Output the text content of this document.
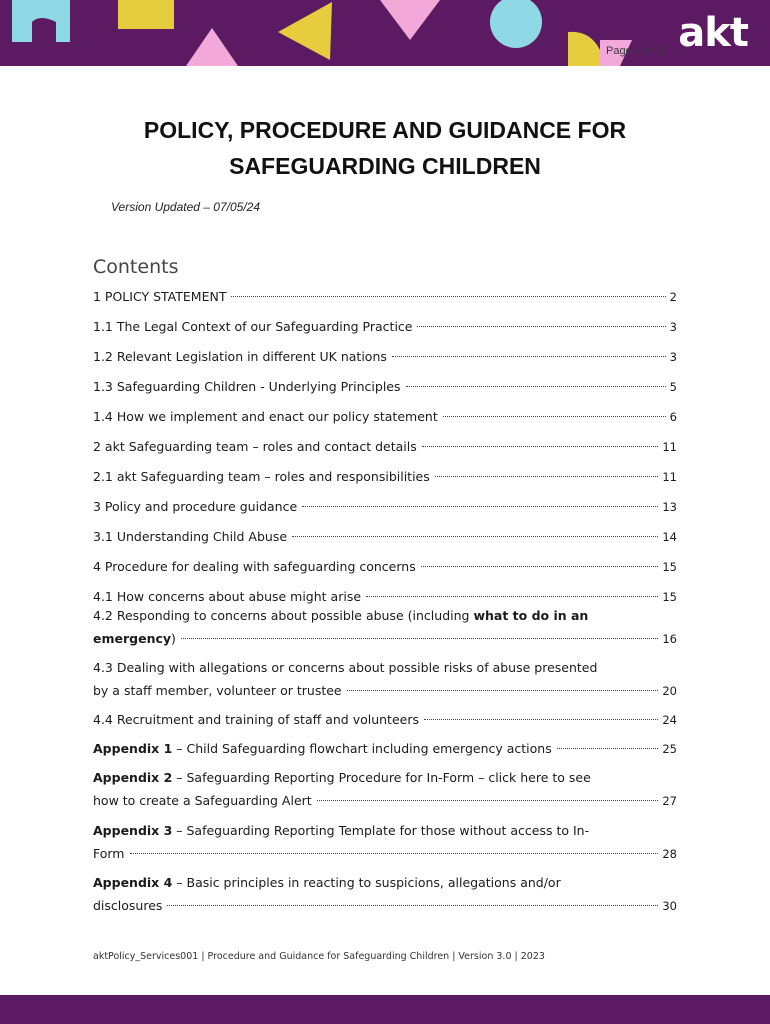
Page 1 of 37 akt
POLICY, PROCEDURE AND GUIDANCE FOR
SAFEGUARDING CHILDREN
Version Updated – 07/05/24
Contents
1 POLICY STATEMENT	2
1.1 The Legal Context of our Safeguarding Practice	3
1.2 Relevant Legislation in different UK nations	3
1.3 Safeguarding Children - Underlying Principles	5
1.4 How we implement and enact our policy statement	6
2 akt Safeguarding team – roles and contact details	11
2.1 akt Safeguarding team – roles and responsibilities	11
3 Policy and procedure guidance	13
3.1 Understanding Child Abuse	14
4 Procedure for dealing with safeguarding concerns	15
4.1 How concerns about abuse might arise	15
4.2 Responding to concerns about possible abuse (including what to do in an
emergency)	16
4.3 Dealing with allegations or concerns about possible risks of abuse presented
by a staff member, volunteer or trustee	20
4.4 Recruitment and training of staff and volunteers	24
Appendix 1 – Child Safeguarding flowchart including emergency actions	25
Appendix 2 – Safeguarding Reporting Procedure for In-Form – click here to see
how to create a Safeguarding Alert	27
Appendix 3 – Safeguarding Reporting Template for those without access to In-
Form	28
Appendix 4 – Basic principles in reacting to suspicions, allegations and/or
disclosures	30
aktPolicy_Services001 | Procedure and Guidance for Safeguarding Children | Version 3.0 | 2023
